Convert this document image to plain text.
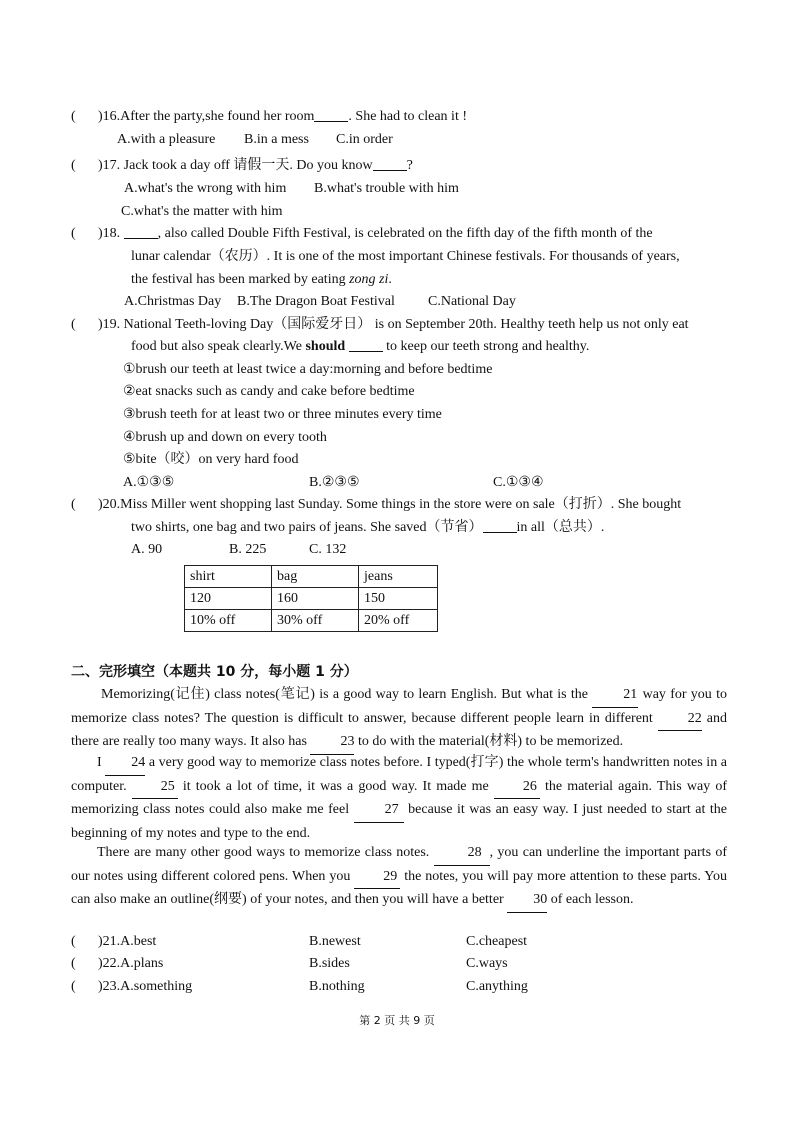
( )16.After the party,she found her room . She had to clean it !
A.with a pleasure B.in a mess C.in order
( )17. Jack took a day off 请假一天. Do you know ?
A.what's the wrong with him B.what's trouble with him
C.what's the matter with him
( )18. , also called Double Fifth Festival, is celebrated on the fifth day of the fifth month of the
lunar calendar（农历）. It is one of the most important Chinese festivals. For thousands of years,
the festival has been marked by eating zong zi.
A.Christmas Day B.The Dragon Boat Festival C.National Day
( )19. National Teeth-loving Day（国际爱牙日） is on September 20th. Healthy teeth help us not only eat
food but also speak clearly.We should	to keep our teeth strong and healthy.
①brush our teeth at least twice a day:morning and before bedtime
②eat snacks such as candy and cake before bedtime
③brush teeth for at least two or three minutes every time
④brush up and down on every tooth
⑤bite（咬）on very hard food
A.①③⑤	B.②③⑤	C.①③④
( )20.Miss Miller went shopping last Sunday. Some things in the store were on sale（打折）. She bought
two shirts, one bag and two pairs of jeans. She saved（节省） in all（总共）.
A. 90	B. 225	C. 132
shirt	bag	jeans
120	160	150
10% off	30% off	20% off
二、完形填空（本题共 10 分，每小题 1 分）
Memorizing(记住) class notes(笔记) is a good way to learn English. But what is the 21 way for you to memorize class notes? The question is difficult to answer, because different people learn in different 22 and there are really too many ways. It also has 23 to do with the material(材料) to be memorized.
I 24 a very good way to memorize class notes before. I typed(打字) the whole term's handwritten notes in a computer. 25 it took a lot of time, it was a good way. It made me 26 the material again. This way of memorizing class notes could also make me feel 27 because it was an easy way. I just needed to start at the beginning of my notes and type to the end.
There are many other good ways to memorize class notes. 28 , you can underline the important parts of our notes using different colored pens. When you 29 the notes, you will pay more attention to these parts. You can also make an outline(纲要) of your notes, and then you will have a better 30 of each lesson.
( )21.A.best	B.newest	C.cheapest
( )22.A.plans	B.sides	C.ways
( )23.A.something	B.nothing	C.anything
第 2 页 共 9 页
